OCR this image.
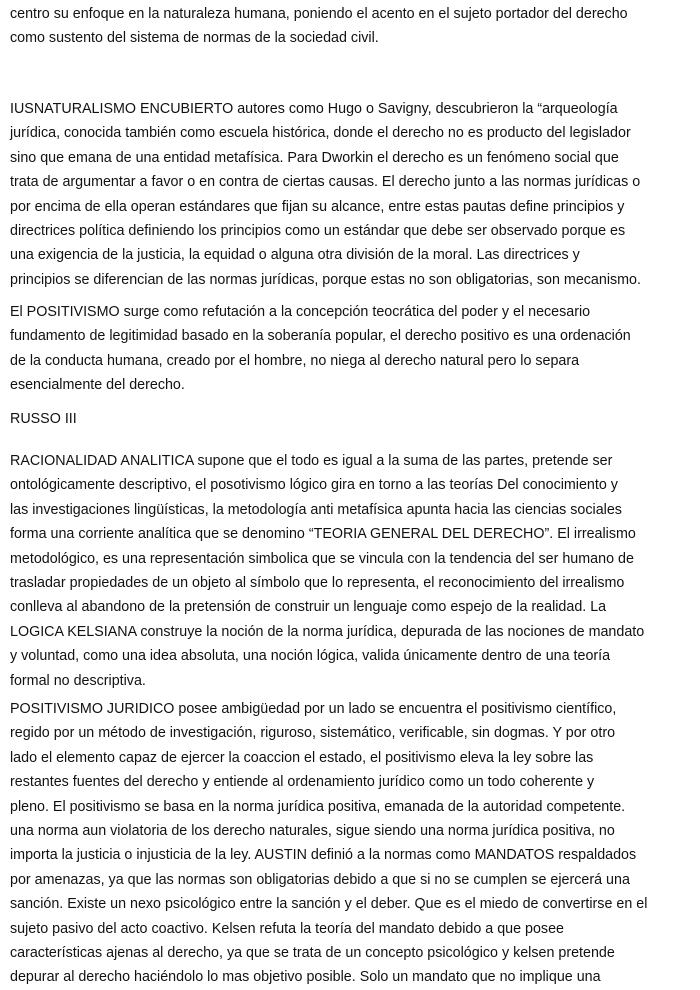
centro su enfoque en la naturaleza humana, poniendo el acento en el sujeto portador del derecho
como sustento del sistema de normas de la sociedad civil.

IUSNATURALISMO ENCUBIERTO autores como Hugo o Savigny, descubrieron la “arqueología
jurídica, conocida también como escuela histórica, donde el derecho no es producto del legislador
sino que emana de una entidad metafísica. Para Dworkin el derecho es un fenómeno social que
trata de argumentar a favor o en contra de ciertas causas. El derecho junto a las normas jurídicas o
por encima de ella operan estándares que fijan su alcance, entre estas pautas define principios y
directrices política definiendo los principios como un estándar que debe ser observado porque es
una exigencia de la justicia, la equidad o alguna otra división de la moral. Las directrices y
principios se diferencian de las normas jurídicas, porque estas no son obligatorias, son mecanismo.

El POSITIVISMO surge como refutación a la concepción teocrática del poder y el necesario
fundamento de legitimidad basado en la soberanía popular, el derecho positivo es una ordenación
de la conducta humana, creado por el hombre, no niega al derecho natural pero lo separa
esencialmente del derecho.

RUSSO III

RACIONALIDAD ANALITICA supone que el todo es igual a la suma de las partes, pretende ser
ontológicamente descriptivo, el posotivismo lógico gira en torno a las teorías Del conocimiento y
las investigaciones lingüísticas, la metodología anti metafísica apunta hacia las ciencias sociales
forma una corriente analítica que se denomino “TEORIA GENERAL DEL DERECHO”. El irrealismo
metodológico, es una representación simbolica que se vincula con la tendencia del ser humano de
trasladar propiedades de un objeto al símbolo que lo representa, el reconocimiento del irrealismo
conlleva al abandono de la pretensión de construir un lenguaje como espejo de la realidad. La
LOGICA KELSIANA construye la noción de la norma jurídica, depurada de las nociones de mandato
y voluntad, como una idea absoluta, una noción lógica, valida únicamente dentro de una teoría
formal no descriptiva.

POSITIVISMO JURIDICO posee ambigüedad por un lado se encuentra el positivismo científico,
regido por un método de investigación, riguroso, sistemático, verificable, sin dogmas. Y por otro
lado el elemento capaz de ejercer la coaccion el estado, el positivismo eleva la ley sobre las
restantes fuentes del derecho y entiende al ordenamiento jurídico como un todo coherente y
pleno. El positivismo se basa en la norma jurídica positiva, emanada de la autoridad competente.
una norma aun violatoria de los derecho naturales, sigue siendo una norma jurídica positiva, no
importa la justicia o injusticia de la ley. AUSTIN definió a la normas como MANDATOS respaldados
por amenazas, ya que las normas son obligatorias debido a que si no se cumplen se ejercerá una
sanción. Existe un nexo psicológico entre la sanción y el deber. Que es el miedo de convertirse en el
sujeto pasivo del acto coactivo. Kelsen refuta la teoría del mandato debido a que posee
características ajenas al derecho, ya que se trata de un concepto psicológico y kelsen pretende
depurar al derecho haciéndolo lo mas objetivo posible. Solo un mandato que no implique una
